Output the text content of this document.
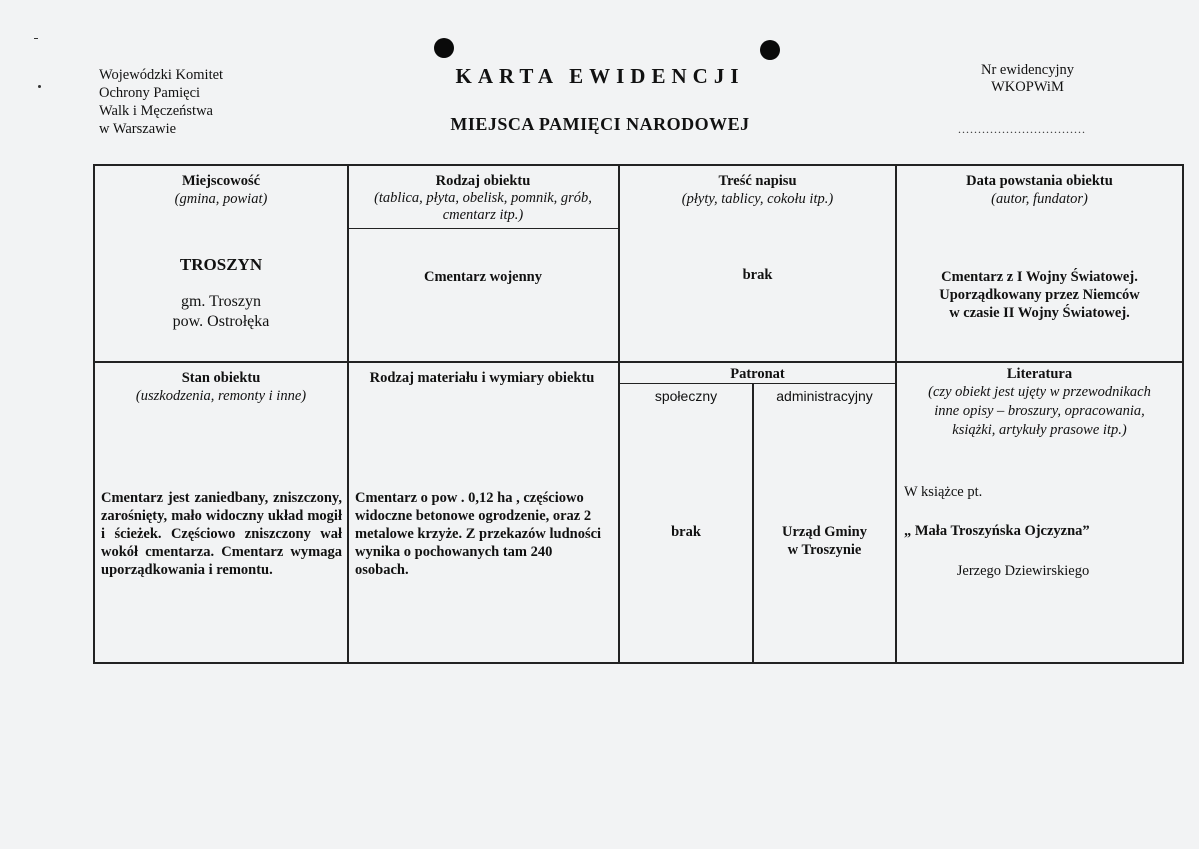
Wojewódzki Komitet
Ochrony Pamięci
Walk i Męczeństwa
w Warszawie
KARTA EWIDENCJI
MIEJSCA PAMIĘCI NARODOWEJ
Nr ewidencyjny
WKOPWiM
................................
Miejscowość
(gmina, powiat)
TROSZYN
gm. Troszyn
pow. Ostrołęka
Rodzaj obiektu
(tablica, płyta, obelisk, pomnik, grób, cmentarz itp.)
Cmentarz wojenny
Treść napisu
(płyty, tablicy, cokołu itp.)
brak
Data powstania obiektu
(autor, fundator)
Cmentarz z I Wojny Światowej.
Uporządkowany przez Niemców
w czasie II Wojny Światowej.
Stan obiektu
(uszkodzenia, remonty i inne)
Cmentarz jest zaniedbany, zniszczony, zarośnięty, mało widoczny układ mogił i ścieżek. Częściowo zniszczony wał wokół cmentarza. Cmentarz wymaga uporządkowania i remontu.
Rodzaj materiału i wymiary obiektu
Cmentarz o pow . 0,12 ha , częściowo widoczne betonowe ogrodzenie, oraz 2 metalowe krzyże. Z przekazów ludności wynika o pochowanych tam 240 osobach.
Patronat
społeczny	administracyjny
brak	Urząd Gminy
w Troszynie
Literatura
(czy obiekt jest ujęty w przewodnikach inne opisy – broszury, opracowania, książki, artykuły prasowe itp.)
W książce pt.
„ Mała Troszyńska Ojczyzna”
Jerzego Dziewirskiego
